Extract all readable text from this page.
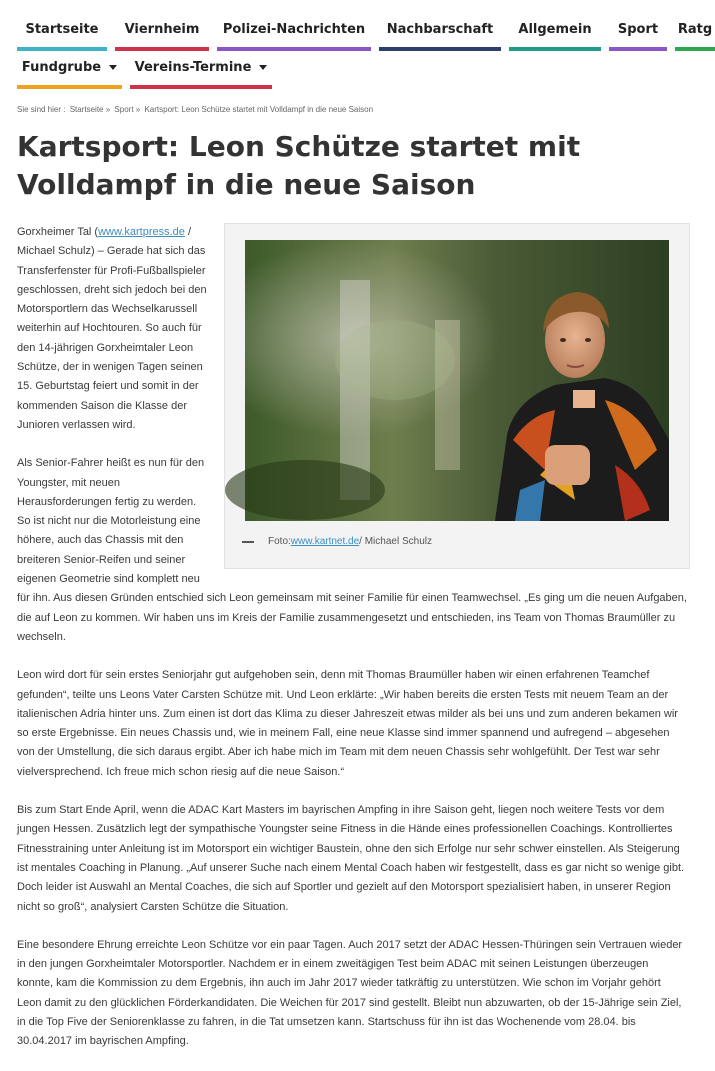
Startseite Viernheim Polizei-Nachrichten Nachbarschaft Allgemein Sport Ratg
Fundgrube	Vereins-Termine
Sie sind hier : Startseite » Sport » Kartsport: Leon Schütze startet mit Volldampf in die neue Saison
Kartsport: Leon Schütze startet mit Volldampf in die neue Saison
Foto: www.kartnet.de / Michael Schulz

Gorxheimer Tal (www.kartpress.de / Michael Schulz) – Gerade hat sich das Transferfenster für Profi-Fußballspieler geschlossen, dreht sich jedoch bei den Motorsportlern das Wechselkarussell weiterhin auf Hochtouren. So auch für den 14-jährigen Gorxheimtaler Leon Schütze, der in wenigen Tagen seinen 15. Geburtstag feiert und somit in der kommenden Saison die Klasse der Junioren verlassen wird.

Als Senior-Fahrer heißt es nun für den Youngster, mit neuen Herausforderungen fertig zu werden. So ist nicht nur die Motorleistung eine höhere, auch das Chassis mit den breiteren Senior-Reifen und seiner eigenen Geometrie sind komplett neu für ihn. Aus diesen Gründen entschied sich Leon gemeinsam mit seiner Familie für einen Teamwechsel. „Es ging um die neuen Aufgaben, die auf Leon zu kommen. Wir haben uns im Kreis der Familie zusammengesetzt und entschieden, ins Team von Thomas Braumüller zu wechseln.

Leon wird dort für sein erstes Seniorjahr gut aufgehoben sein, denn mit Thomas Braumüller haben wir einen erfahrenen Teamchef gefunden“, teilte uns Leons Vater Carsten Schütze mit. Und Leon erklärte: „Wir haben bereits die ersten Tests mit neuem Team an der italienischen Adria hinter uns. Zum einen ist dort das Klima zu dieser Jahreszeit etwas milder als bei uns und zum anderen bekamen wir so erste Ergebnisse. Ein neues Chassis und, wie in meinem Fall, eine neue Klasse sind immer spannend und aufregend – abgesehen von der Umstellung, die sich daraus ergibt. Aber ich habe mich im Team mit dem neuen Chassis sehr wohlgefühlt. Der Test war sehr vielversprechend. Ich freue mich schon riesig auf die neue Saison.“

Bis zum Start Ende April, wenn die ADAC Kart Masters im bayrischen Ampfing in ihre Saison geht, liegen noch weitere Tests vor dem jungen Hessen. Zusätzlich legt der sympathische Youngster seine Fitness in die Hände eines professionellen Coachings. Kontrolliertes Fitnesstraining unter Anleitung ist im Motorsport ein wichtiger Baustein, ohne den sich Erfolge nur sehr schwer einstellen. Als Steigerung ist mentales Coaching in Planung. „Auf unserer Suche nach einem Mental Coach haben wir festgestellt, dass es gar nicht so wenige gibt. Doch leider ist Auswahl an Mental Coaches, die sich auf Sportler und gezielt auf den Motorsport spezialisiert haben, in unserer Region nicht so groß“, analysiert Carsten Schütze die Situation.

Eine besondere Ehrung erreichte Leon Schütze vor ein paar Tagen. Auch 2017 setzt der ADAC Hessen-Thüringen sein Vertrauen wieder in den jungen Gorxheimtaler Motorsportler. Nachdem er in einem zweitägigen Test beim ADAC mit seinen Leistungen überzeugen konnte, kam die Kommission zu dem Ergebnis, ihn auch im Jahr 2017 wieder tatkräftig zu unterstützen. Wie schon im Vorjahr gehört Leon damit zu den glücklichen Förderkandidaten. Die Weichen für 2017 sind gestellt. Bleibt nun abzuwarten, ob der 15-Jährige sein Ziel, in die Top Five der Seniorenklasse zu fahren, in die Tat umsetzen kann. Startschuss für ihn ist das Wochenende vom 28.04. bis 30.04.2017 im bayrischen Ampfing.
